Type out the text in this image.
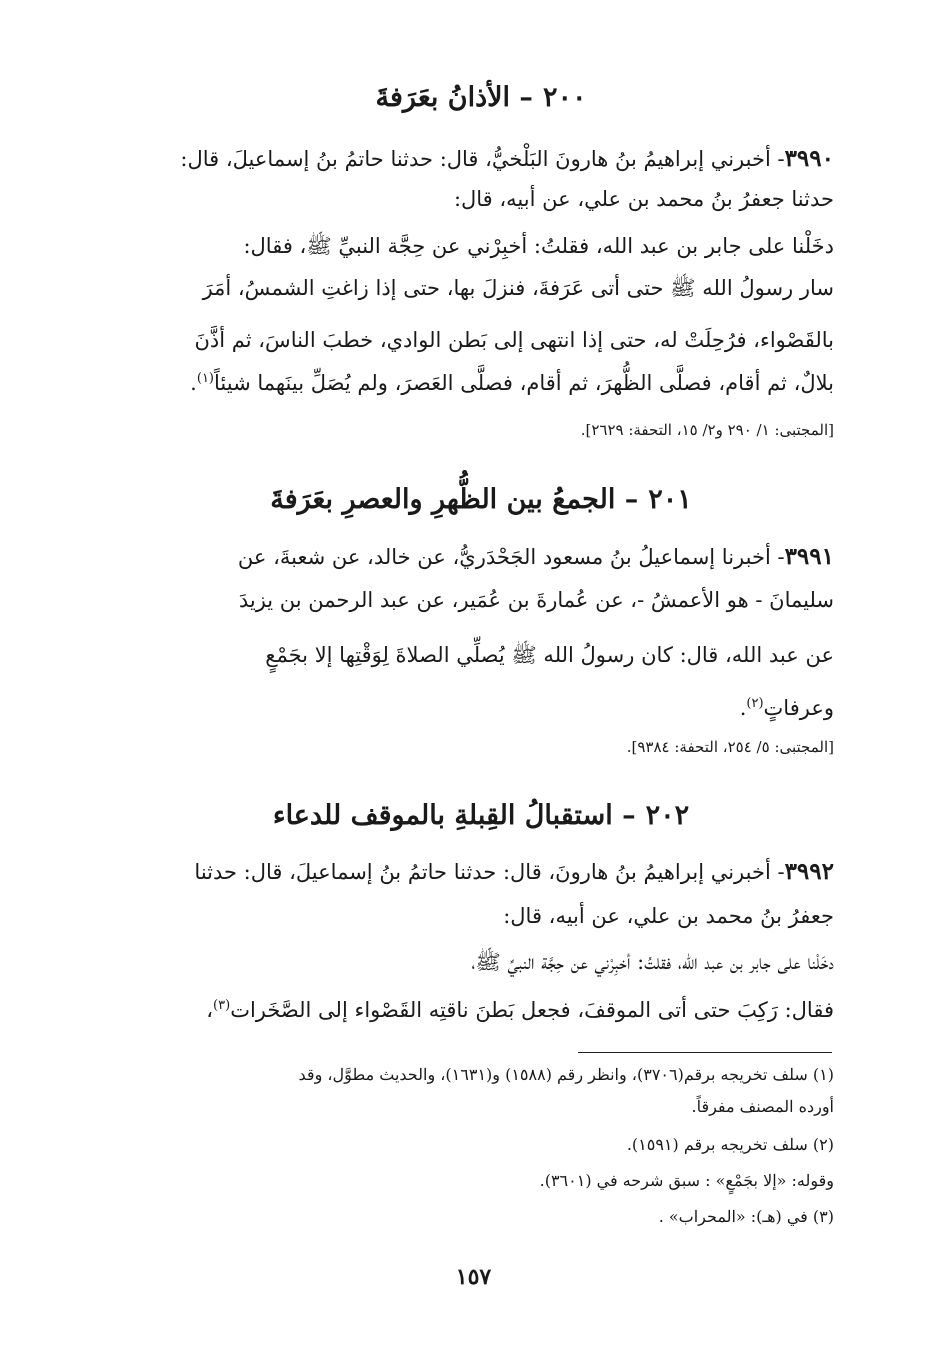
٢٠٠– الأذانُ بعَرَفةَ
٣٩٩٠- أخبرني إبراهيمُ بنُ هارونَ البَلْخيُّ، قال: حدثنا حاتمُ بنُ إسماعيلَ، قال:
حدثنا جعفرُ بنُ محمد بن علي، عن أبيه، قال:
دخَلْنا على جابر بن عبد الله، فقلتُ: أخبِرْني عن حِجَّة النبيِّ ﷺ، فقال:
سار رسولُ الله ﷺ حتى أتى عَرَفةَ، فنزلَ بها، حتى إذا زاغتِ الشمسُ، أمَرَ
بالقَصْواء، فرُحِلَتْ له، حتى إذا انتهى إلى بَطن الوادي، خطبَ الناسَ، ثم أذَّنَ
بلالٌ، ثم أقام، فصلَّى الظُّهرَ، ثم أقام، فصلَّى العَصرَ، ولم يُصَلِّ بينَهما شيئاً$^{(١)}$.
[المجتبى: ١/ ٢٩٠ و٢/ ١٥، التحفة: ٢٦٢٩].
٢٠١– الجمعُ بين الظُّهرِ والعصرِ بعَرَفةَ
٣٩٩١- أخبرنا إسماعيلُ بنُ مسعود الجَحْدَريُّ، عن خالد، عن شعبةَ، عن
سليمانَ - هو الأعمشُ -، عن عُمارةَ بن عُمَير، عن عبد الرحمن بن يزيدَ
عن عبد الله، قال: كان رسولُ الله ﷺ يُصلِّي الصلاةَ لِوَقْتِها إلا بجَمْعٍ
وعرفاتٍ$^{(٢)}$.
[المجتبى: ٥/ ٢٥٤، التحفة: ٩٣٨٤].
٢٠٢– استقبالُ القِبلةِ بالموقف للدعاء
٣٩٩٢- أخبرني إبراهيمُ بنُ هارونَ، قال: حدثنا حاتمُ بنُ إسماعيلَ، قال: حدثنا
جعفرُ بنُ محمد بن علي، عن أبيه، قال:
دخَلْنا على جابر بن عبد الله، فقلتُ: أخبِرْني عن حِجَّة النبيِّ ﷺ،
فقال: رَكِبَ حتى أتى الموقفَ، فجعل بَطنَ ناقتِه القَصْواء إلى الصَّخَرات$^{(٣)}$،
(١) سلف تخريجه برقم(٣٧٠٦)، وانظر رقم (١٥٨٨) و(١٦٣١)، والحديث مطوَّل، وقد
أورده المصنف مفرقاً.
(٢) سلف تخريجه برقم (١٥٩١).
وقوله: «إلا بجَمْعٍ» : سبق شرحه في (٣٦٠١).
(٣) في (هـ): «المحراب» .
١٥٧
